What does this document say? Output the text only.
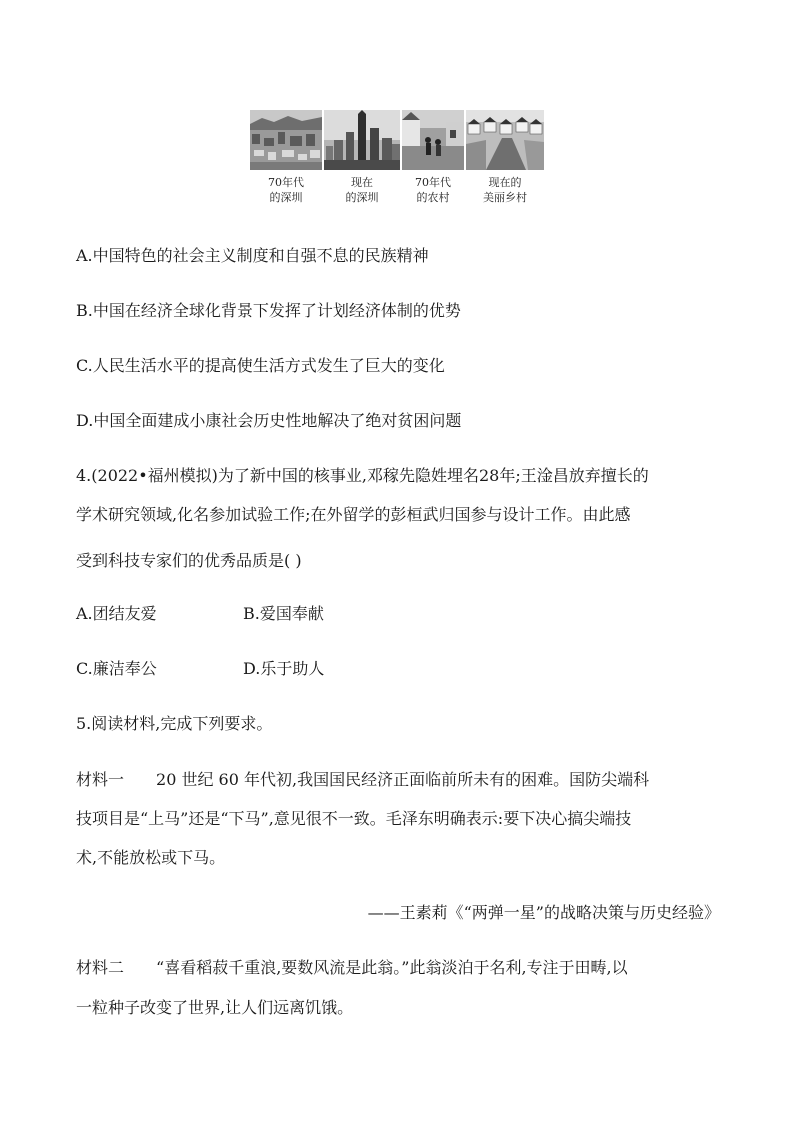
70年代
的深圳
现在
的深圳
70年代
的农村
现在的
美丽乡村
A.中国特色的社会主义制度和自强不息的民族精神
B.中国在经济全球化背景下发挥了计划经济体制的优势
C.人民生活水平的提高使生活方式发生了巨大的变化
D.中国全面建成小康社会历史性地解决了绝对贫困问题
4.(2022•福州模拟)为了新中国的核事业,邓稼先隐姓埋名28年;王淦昌放弃擅长的
学术研究领域,化名参加试验工作;在外留学的彭桓武归国参与设计工作。由此感
受到科技专家们的优秀品质是( )
A.团结友爱	B.爱国奉献
C.廉洁奉公	D.乐于助人
5.阅读材料,完成下列要求。
材料一 20 世纪 60 年代初,我国国民经济正面临前所未有的困难。国防尖端科
技项目是“上马”还是“下马”,意见很不一致。毛泽东明确表示:要下决心搞尖端技
术,不能放松或下马。
——王素莉《“两弹一星”的战略决策与历史经验》
材料二 “喜看稻菽千重浪,要数风流是此翁。”此翁淡泊于名利,专注于田畴,以
一粒种子改变了世界,让人们远离饥饿。
